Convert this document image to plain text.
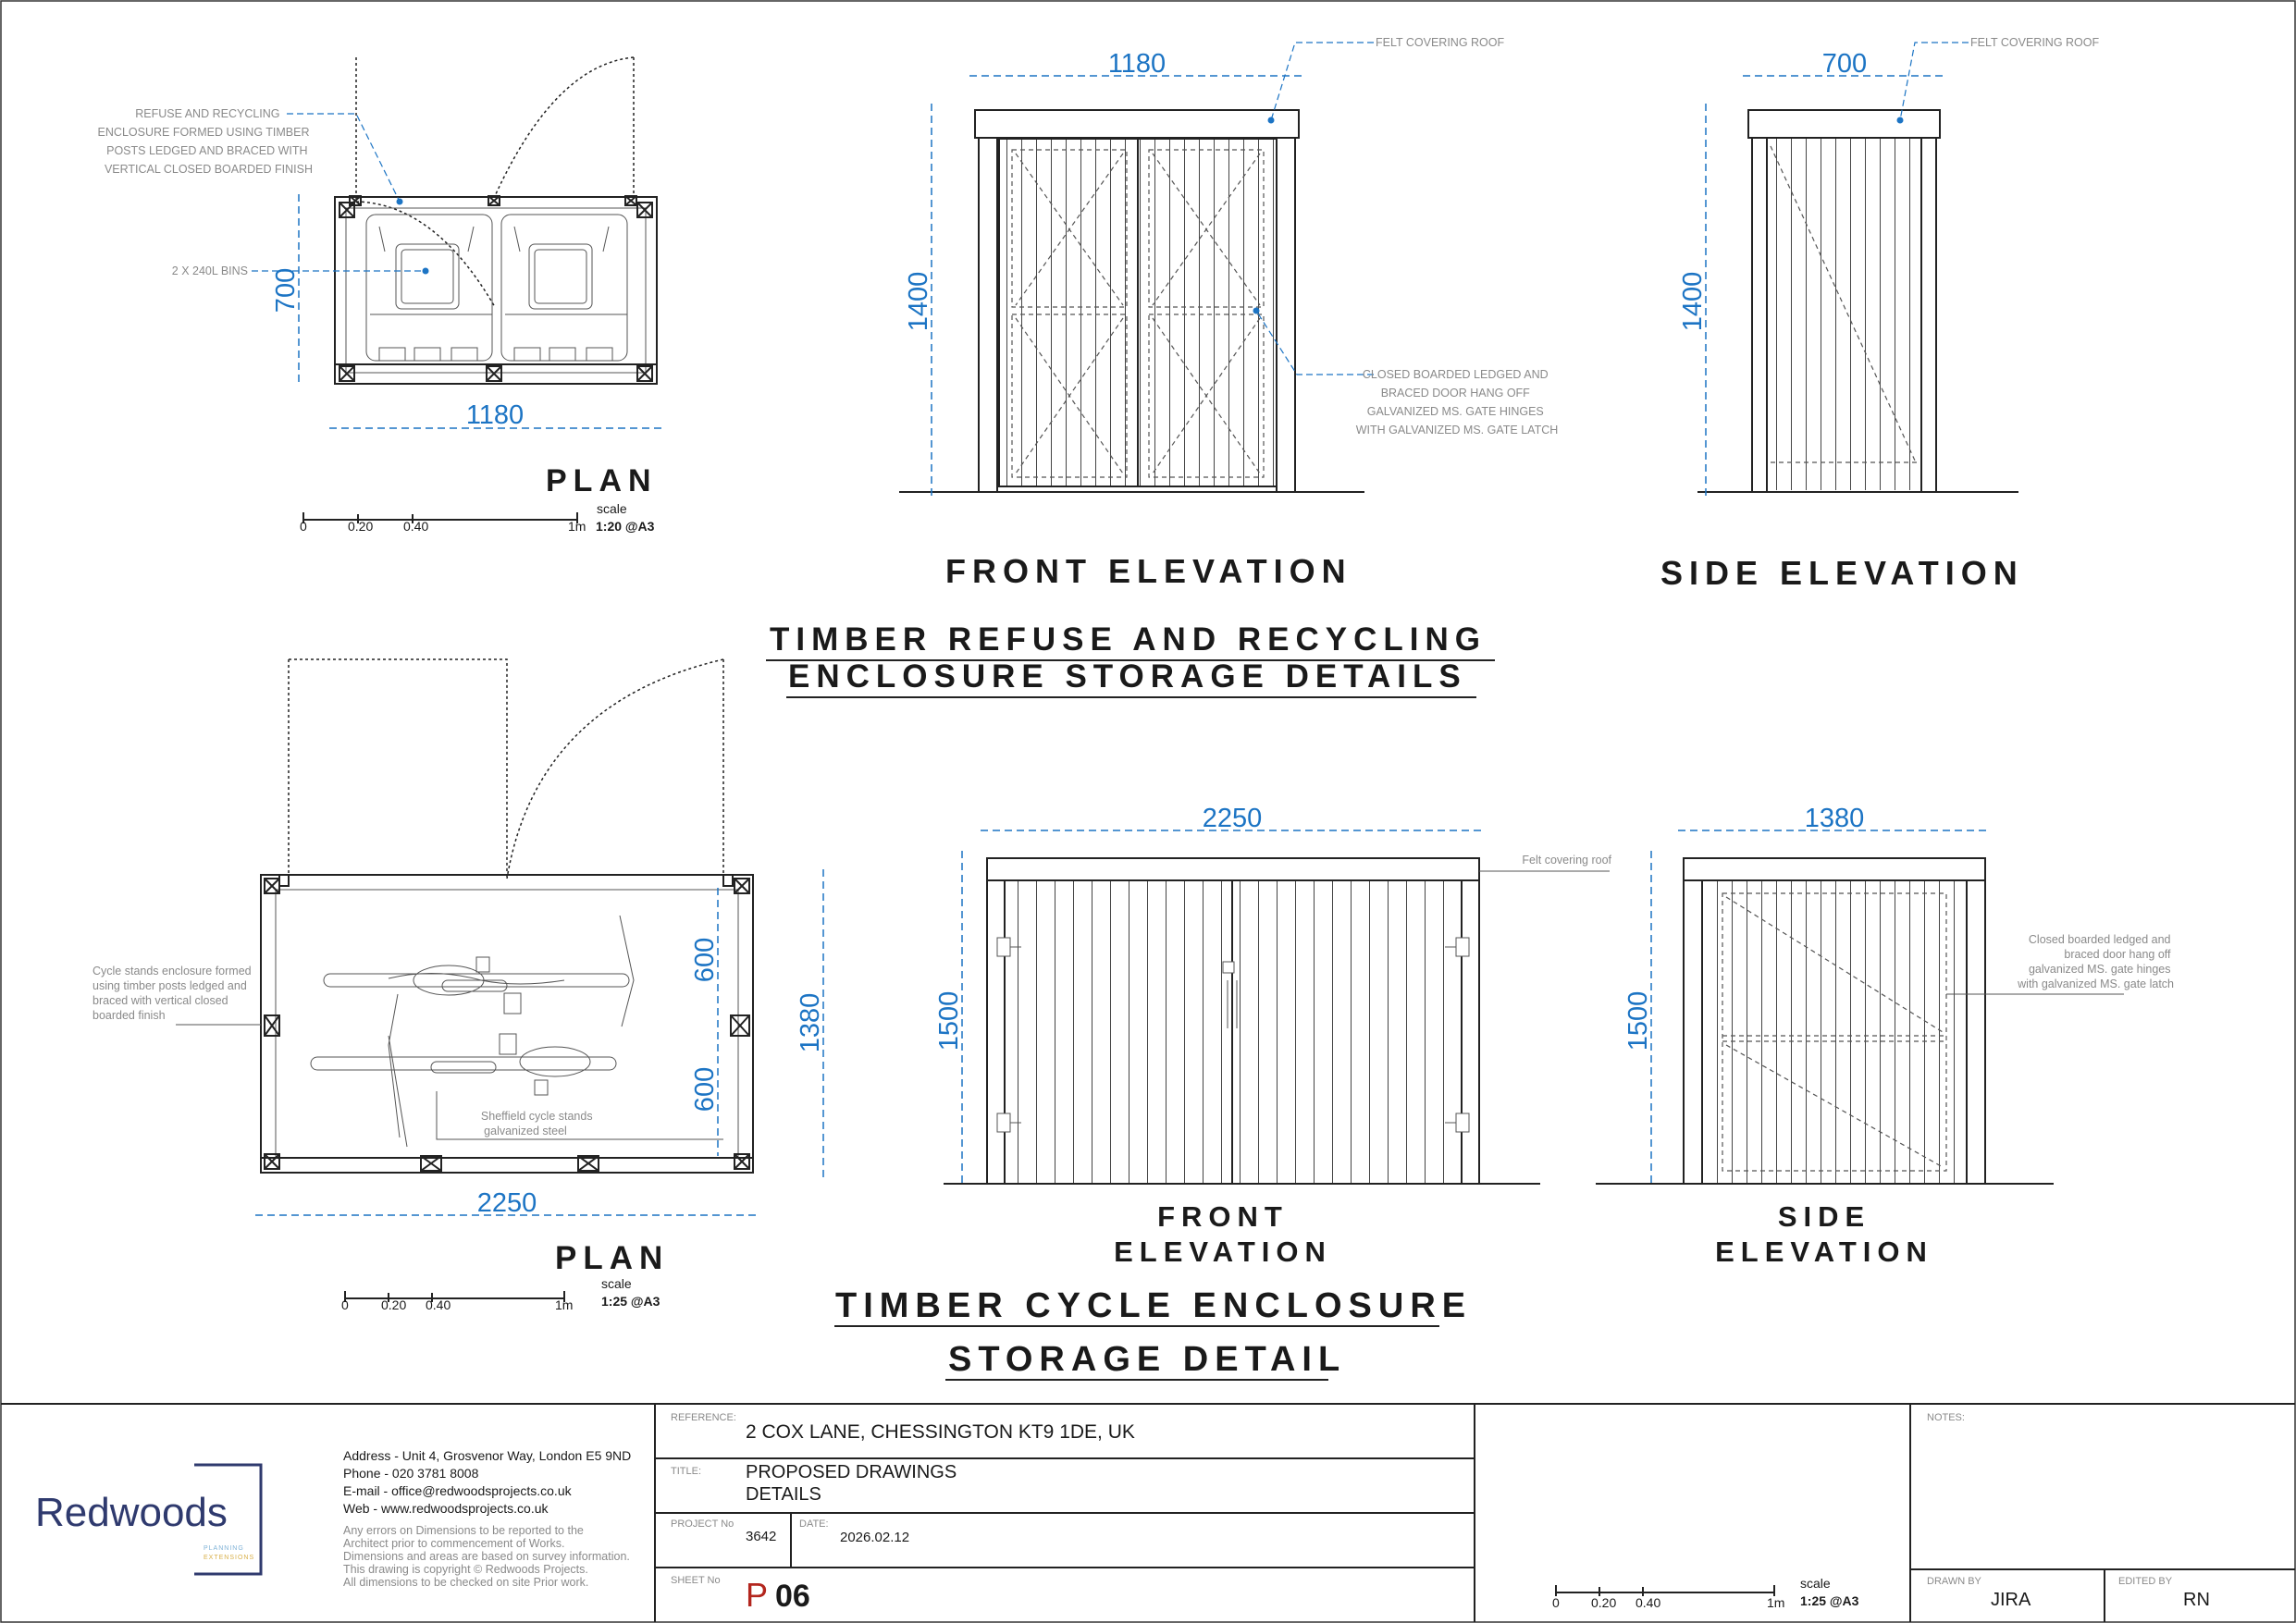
REFUSE AND RECYCLING ENCLOSURE FORMED USING TIMBER POSTS LEDGED AND BRACED WITH VERTICAL CLOSED BOARDED FINISH
2 X 240L BINS
1180
700
PLAN
0	0.20 0.40	1m
scale
1:20 @A3
FELT COVERING ROOF
CLOSED BOARDED LEDGED AND BRACED DOOR HANG OFF GALVANIZED MS. GATE HINGES WITH GALVANIZED MS. GATE LATCH
1180
1400
FRONT ELEVATION
FELT COVERING ROOF
700
1400
SIDE ELEVATION
TIMBER REFUSE AND RECYCLING
ENCLOSURE STORAGE DETAILS
Cycle stands enclosure formed using timber posts ledged and braced with vertical closed boarded finish
Sheffield cycle stands galvanized steel
2250
1380
600
600
PLAN
0	0.20 0.40	1m
scale
1:25 @A3
Felt covering roof
2250
1500
FRONT
ELEVATION
Closed boarded ledged and braced door hang off galvanized MS. gate hinges with galvanized MS. gate latch
1380
1500
SIDE
ELEVATION
TIMBER CYCLE ENCLOSURE
STORAGE DETAIL
Redwoods
PLANNING
EXTENSIONS
Address - Unit 4, Grosvenor Way, London E5 9ND
Phone - 020 3781 8008
E-mail - office@redwoodsprojects.co.uk
Web - www.redwoodsprojects.co.uk
Any errors on Dimensions to be reported to the Architect prior to commencement of Works. Dimensions and areas are based on survey information. This drawing is copyright © Redwoods Projects. All dimensions to be checked on site Prior work.
REFERENCE:
2 COX LANE, CHESSINGTON KT9 1DE, UK
TITLE: PROPOSED DRAWINGS
DETAILS
PROJECT No
3642
DATE:
2026.02.12
SHEET No P 06	0 0.20 0.40	1m
scale
1:25 @A3
NOTES:
DRAWN BY
JIRA
EDITED BY
RN
